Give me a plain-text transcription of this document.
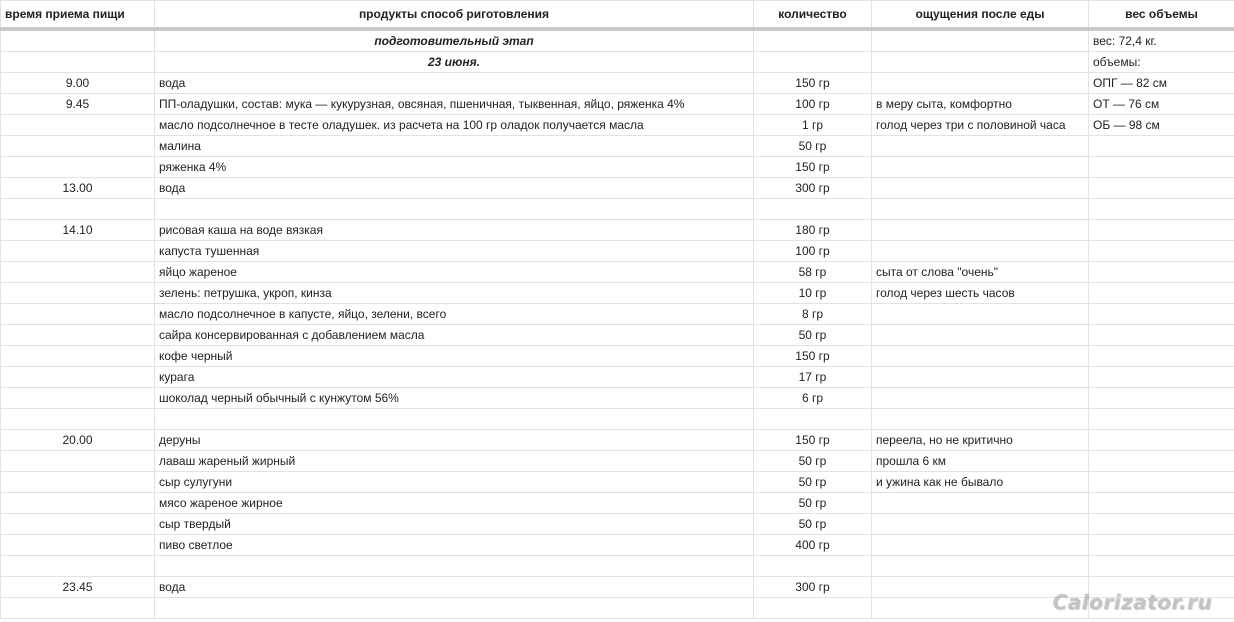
время приема пищи	продукты способ риготовления	количество	ощущения после еды	вес объемы
	подготовительный этап			вес: 72,4 кг.
	23 июня.			объемы:
9.00	вода	150 гр		ОПГ — 82 см
9.45	ПП-оладушки, состав: мука — кукурузная, овсяная, пшеничная, тыквенная, яйцо, ряженка 4%	100 гр	в меру сыта, комфортно	ОТ — 76 см
	масло подсолнечное в тесте оладушек. из расчета на 100 гр оладок получается масла	1 гр	голод через три с половиной часа	ОБ — 98 см
	малина	50 гр		
	ряженка 4%	150 гр		
13.00	вода	300 гр		

14.10	рисовая каша на воде вязкая	180 гр		
	капуста тушенная	100 гр		
	яйцо жареное	58 гр	сыта от слова "очень"	
	зелень: петрушка, укроп, кинза	10 гр	голод через шесть часов	
	масло подсолнечное в капусте, яйцо, зелени, всего	8 гр		
	сайра консервированная с добавлением масла	50 гр		
	кофе черный	150 гр		
	курага	17 гр		
	шоколад черный обычный с кунжутом 56%	6 гр		

20.00	деруны	150 гр	переела, но не критично	
	лаваш жареный жирный	50 гр	прошла 6 км	
	сыр сулугуни	50 гр	и ужина как не бывало	
	мясо жареное жирное	50 гр		
	сыр твердый	50 гр		
	пиво светлое	400 гр		

23.45	вода	300 гр		

Calorizator.ru
